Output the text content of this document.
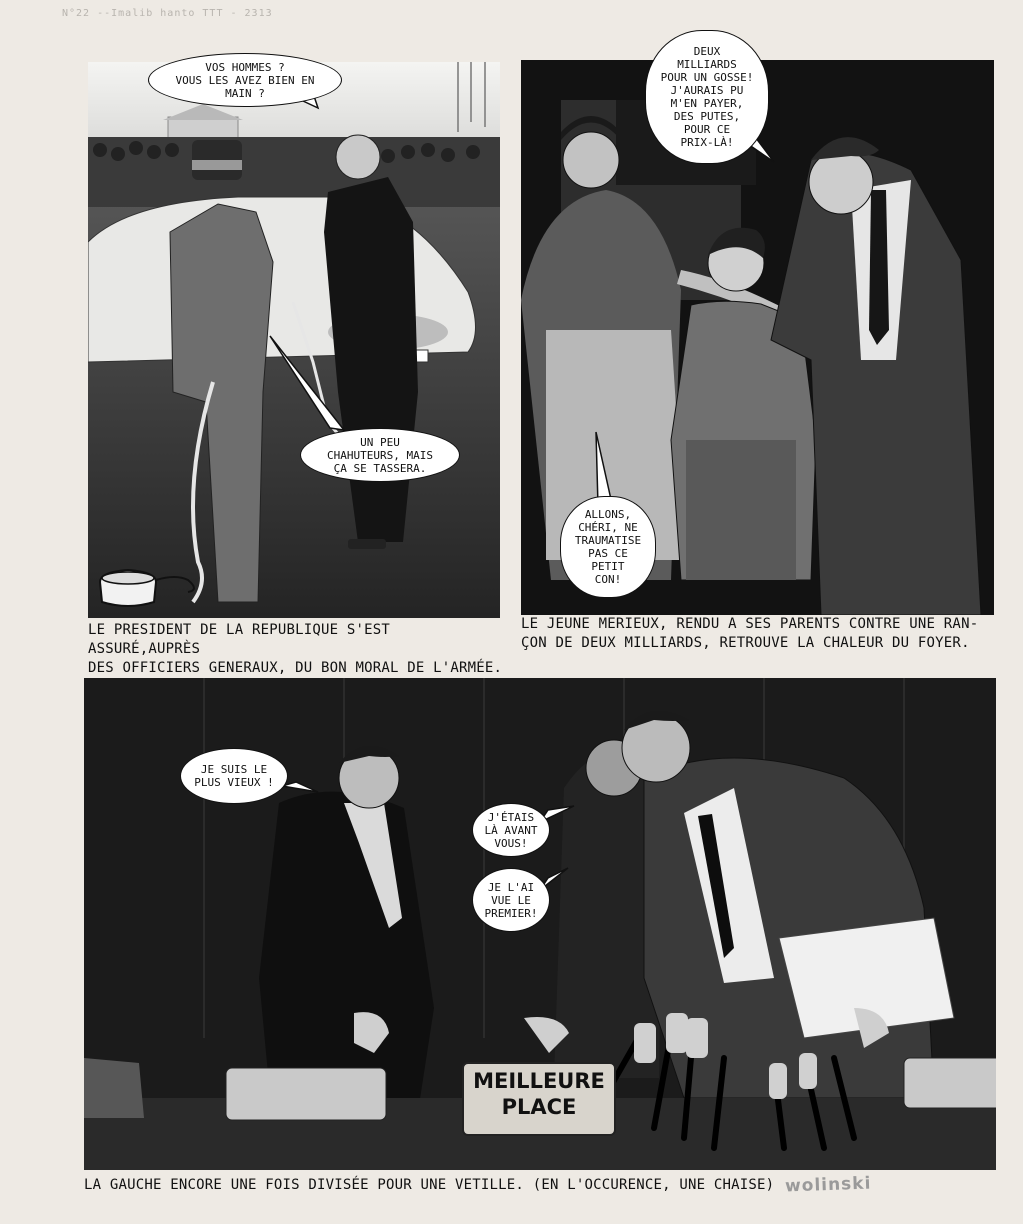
N°22 --Imalib hanto TTT - 2313
VOS HOMMES ?
VOUS LES AVEZ BIEN EN
MAIN ?
UN PEU
CHAHUTEURS, MAIS
ÇA SE TASSERA.
LE PRESIDENT DE LA REPUBLIQUE S'EST ASSURÉ,AUPRÈS
DES OFFICIERS GENERAUX, DU BON MORAL DE L'ARMÉE.
DEUX
MILLIARDS
POUR UN GOSSE!
J'AURAIS PU
M'EN PAYER,
DES PUTES,
POUR CE
PRIX-LÀ!
ALLONS,
CHÉRI, NE
TRAUMATISE
PAS CE
PETIT
CON!
LE JEUNE MERIEUX, RENDU A SES PARENTS CONTRE UNE RAN-
ÇON DE DEUX MILLIARDS, RETROUVE LA CHALEUR DU FOYER.
MEILLEURE
PLACE
JE SUIS LE
PLUS VIEUX !
J'ÉTAIS
LÀ AVANT
VOUS!
JE L'AI
VUE LE
PREMIER!
LA GAUCHE ENCORE UNE FOIS DIVISÉE POUR UNE VETILLE. (EN L'OCCURENCE, UNE CHAISE) wolinski
